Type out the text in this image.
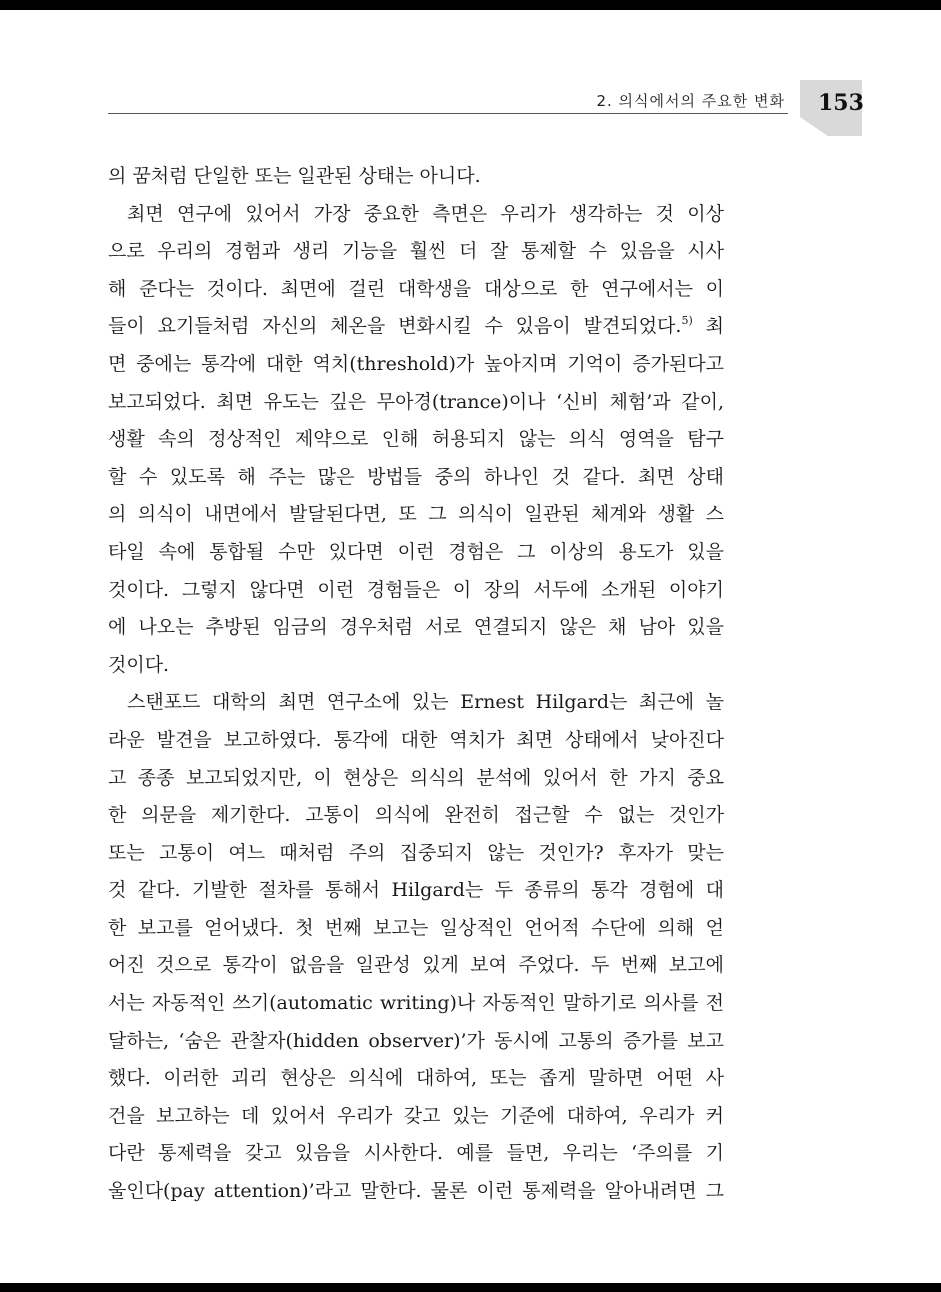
2. 의식에서의 주요한 변화 153
의 꿈처럼 단일한 또는 일관된 상태는 아니다.
최면 연구에 있어서 가장 중요한 측면은 우리가 생각하는 것 이상
으로 우리의 경험과 생리 기능을 훨씬 더 잘 통제할 수 있음을 시사
해 준다는 것이다. 최면에 걸린 대학생을 대상으로 한 연구에서는 이
들이 요기들처럼 자신의 체온을 변화시킬 수 있음이 발견되었다.$^{5)}$ 최
면 중에는 통각에 대한 역치(threshold)가 높아지며 기억이 증가된다고
보고되었다. 최면 유도는 깊은 무아경(trance)이나 ‘신비 체험’과 같이,
생활 속의 정상적인 제약으로 인해 허용되지 않는 의식 영역을 탐구
할 수 있도록 해 주는 많은 방법들 중의 하나인 것 같다. 최면 상태
의 의식이 내면에서 발달된다면, 또 그 의식이 일관된 체계와 생활 스
타일 속에 통합될 수만 있다면 이런 경험은 그 이상의 용도가 있을
것이다. 그렇지 않다면 이런 경험들은 이 장의 서두에 소개된 이야기
에 나오는 추방된 임금의 경우처럼 서로 연결되지 않은 채 남아 있을
것이다.
스탠포드 대학의 최면 연구소에 있는 Ernest Hilgard는 최근에 놀
라운 발견을 보고하였다. 통각에 대한 역치가 최면 상태에서 낮아진다
고 종종 보고되었지만, 이 현상은 의식의 분석에 있어서 한 가지 중요
한 의문을 제기한다. 고통이 의식에 완전히 접근할 수 없는 것인가
또는 고통이 여느 때처럼 주의 집중되지 않는 것인가? 후자가 맞는
것 같다. 기발한 절차를 통해서 Hilgard는 두 종류의 통각 경험에 대
한 보고를 얻어냈다. 첫 번째 보고는 일상적인 언어적 수단에 의해 얻
어진 것으로 통각이 없음을 일관성 있게 보여 주었다. 두 번째 보고에
서는 자동적인 쓰기(automatic writing)나 자동적인 말하기로 의사를 전
달하는, ‘숨은 관찰자(hidden observer)’가 동시에 고통의 증가를 보고
했다. 이러한 괴리 현상은 의식에 대하여, 또는 좁게 말하면 어떤 사
건을 보고하는 데 있어서 우리가 갖고 있는 기준에 대하여, 우리가 커
다란 통제력을 갖고 있음을 시사한다. 예를 들면, 우리는 ‘주의를 기
울인다(pay attention)’라고 말한다. 물론 이런 통제력을 알아내려면 그
